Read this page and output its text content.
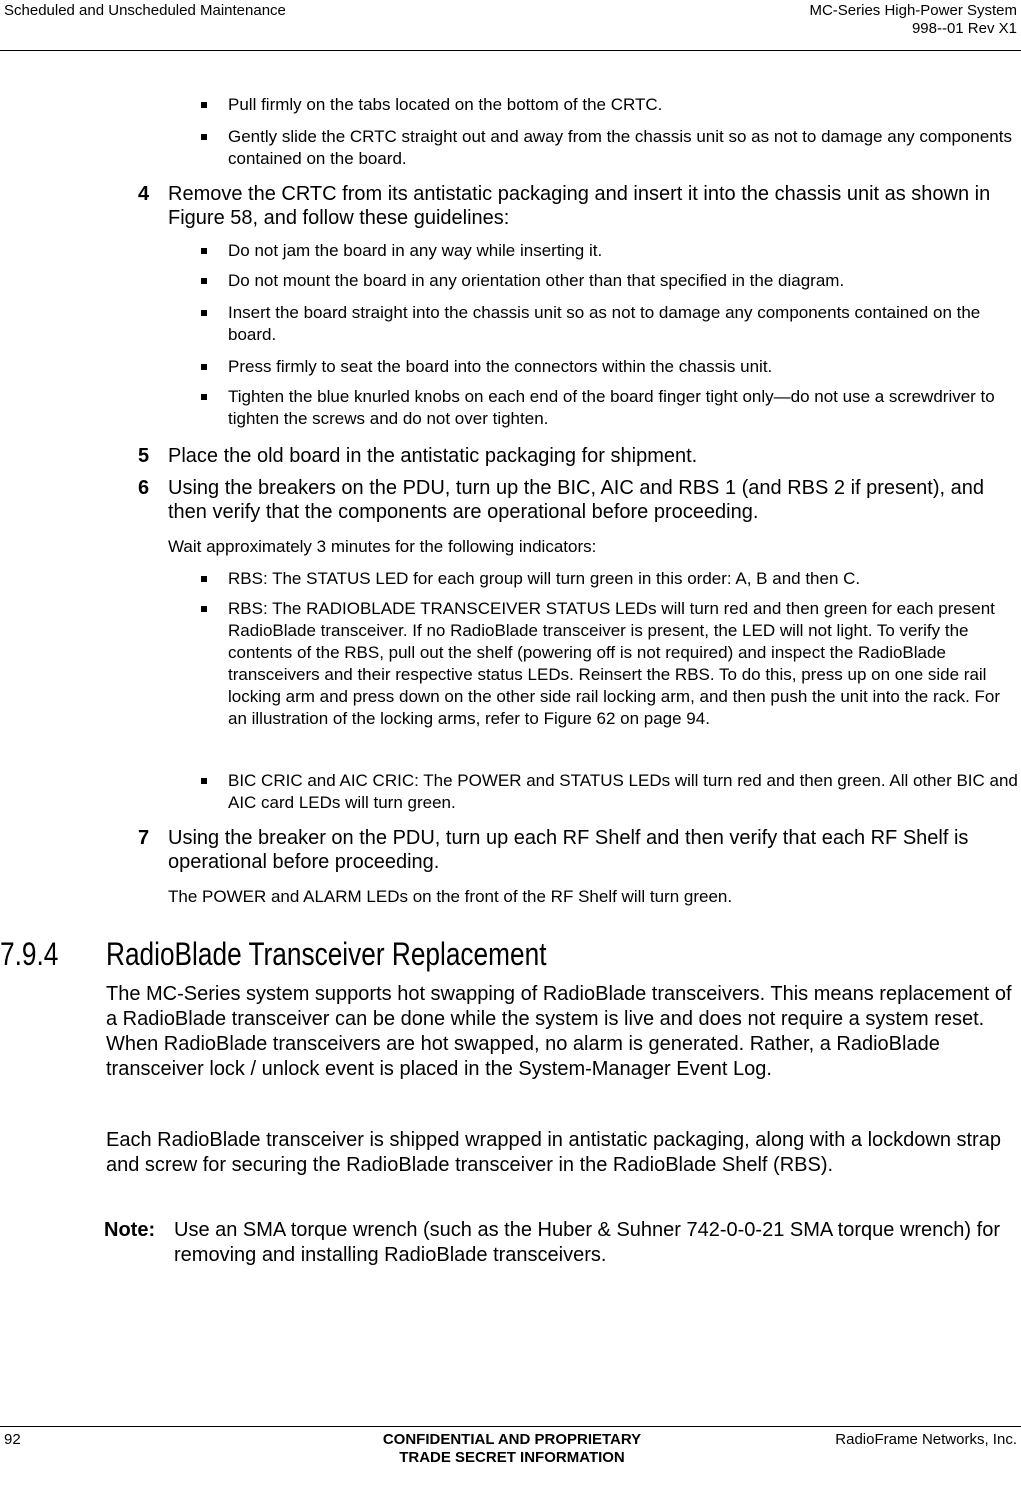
Scheduled and Unscheduled Maintenance	MC-Series High-Power System
998--01 Rev X1
Pull firmly on the tabs located on the bottom of the CRTC.
Gently slide the CRTC straight out and away from the chassis unit so as not to damage any components contained on the board.
4 Remove the CRTC from its antistatic packaging and insert it into the chassis unit as shown in Figure 58, and follow these guidelines:
Do not jam the board in any way while inserting it.
Do not mount the board in any orientation other than that specified in the diagram.
Insert the board straight into the chassis unit so as not to damage any components contained on the board.
Press firmly to seat the board into the connectors within the chassis unit.
Tighten the blue knurled knobs on each end of the board finger tight only—do not use a screwdriver to tighten the screws and do not over tighten.
5 Place the old board in the antistatic packaging for shipment.
6 Using the breakers on the PDU, turn up the BIC, AIC and RBS 1 (and RBS 2 if present), and then verify that the components are operational before proceeding.
Wait approximately 3 minutes for the following indicators:
RBS: The STATUS LED for each group will turn green in this order: A, B and then C.
RBS: The RADIOBLADE TRANSCEIVER STATUS LEDs will turn red and then green for each present RadioBlade transceiver. If no RadioBlade transceiver is present, the LED will not light. To verify the contents of the RBS, pull out the shelf (powering off is not required) and inspect the RadioBlade transceivers and their respective status LEDs. Reinsert the RBS. To do this, press up on one side rail locking arm and press down on the other side rail locking arm, and then push the unit into the rack. For an illustration of the locking arms, refer to Figure 62 on page 94.
BIC CRIC and AIC CRIC: The POWER and STATUS LEDs will turn red and then green. All other BIC and AIC card LEDs will turn green.
7 Using the breaker on the PDU, turn up each RF Shelf and then verify that each RF Shelf is operational before proceeding.
The POWER and ALARM LEDs on the front of the RF Shelf will turn green.
7.9.4 RadioBlade Transceiver Replacement
The MC-Series system supports hot swapping of RadioBlade transceivers. This means replacement of a RadioBlade transceiver can be done while the system is live and does not require a system reset. When RadioBlade transceivers are hot swapped, no alarm is generated. Rather, a RadioBlade transceiver lock / unlock event is placed in the System-Manager Event Log.
Each RadioBlade transceiver is shipped wrapped in antistatic packaging, along with a lockdown strap and screw for securing the RadioBlade transceiver in the RadioBlade Shelf (RBS).
Note: Use an SMA torque wrench (such as the Huber & Suhner 742-0-0-21 SMA torque wrench) for removing and installing RadioBlade transceivers.
92	CONFIDENTIAL AND PROPRIETARY
TRADE SECRET INFORMATION
RadioFrame Networks, Inc.
